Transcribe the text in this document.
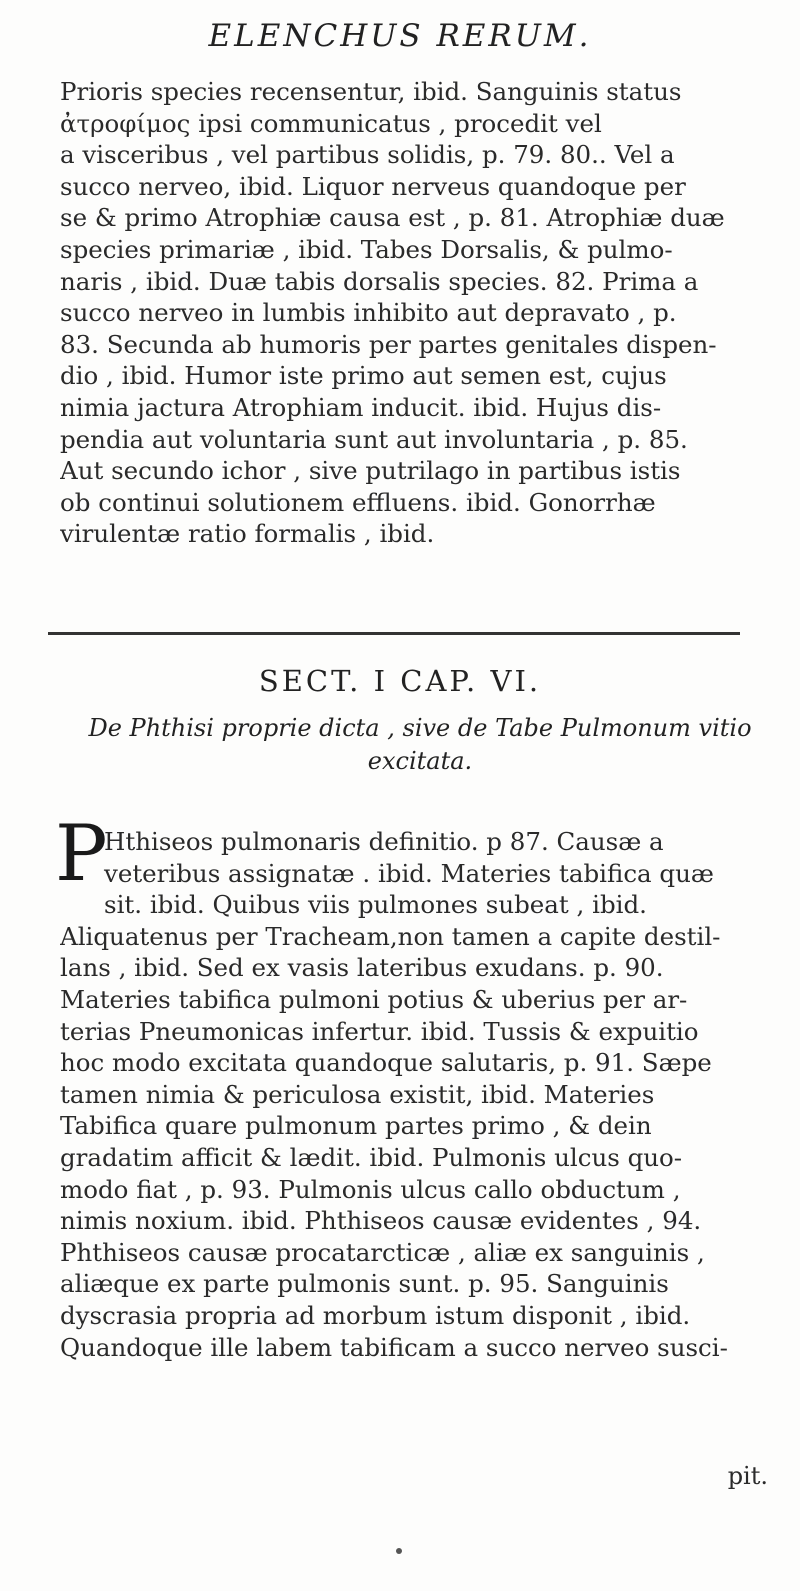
ELENCHUS RERUM.
Prioris species recensentur, ibid. Sanguinis status
ἀτροφίμος ipsi communicatus , procedit vel
a visceribus , vel partibus solidis, p. 79. 80.. Vel a
succo nerveo, ibid. Liquor nerveus quandoque per
se & primo Atrophiæ causa est , p. 81. Atrophiæ duæ
species primariæ , ibid. Tabes Dorsalis, & pulmo-
naris , ibid. Duæ tabis dorsalis species. 82. Prima a
succo nerveo in lumbis inhibito aut depravato , p.
83. Secunda ab humoris per partes genitales dispen-
dio , ibid. Humor iste primo aut semen est, cujus
nimia jactura Atrophiam inducit. ibid. Hujus dis-
pendia aut voluntaria sunt aut involuntaria , p. 85.
Aut secundo ichor , sive putrilago in partibus istis
ob continui solutionem effluens. ibid. Gonorrhæ
virulentæ ratio formalis , ibid.
SECT. I CAP. VI.
De Phthisi proprie dicta , sive de Tabe Pulmonum vitio
excitata.
P
Hthiseos pulmonaris definitio. p 87. Causæ a
veteribus assignatæ . ibid. Materies tabifica quæ
sit. ibid. Quibus viis pulmones subeat , ibid.
Aliquatenus per Tracheam,non tamen a capite destil-
lans , ibid. Sed ex vasis lateribus exudans. p. 90.
Materies tabifica pulmoni potius & uberius per ar-
terias Pneumonicas infertur. ibid. Tussis & expuitio
hoc modo excitata quandoque salutaris, p. 91. Sæpe
tamen nimia & periculosa existit, ibid. Materies
Tabifica quare pulmonum partes primo , & dein
gradatim afficit & lædit. ibid. Pulmonis ulcus quo-
modo fiat , p. 93. Pulmonis ulcus callo obductum ,
nimis noxium. ibid. Phthiseos causæ evidentes , 94.
Phthiseos causæ procatarcticæ , aliæ ex sanguinis ,
aliæque ex parte pulmonis sunt. p. 95. Sanguinis
dyscrasia propria ad morbum istum disponit , ibid.
Quandoque ille labem tabificam a succo nerveo susci-
pit.
